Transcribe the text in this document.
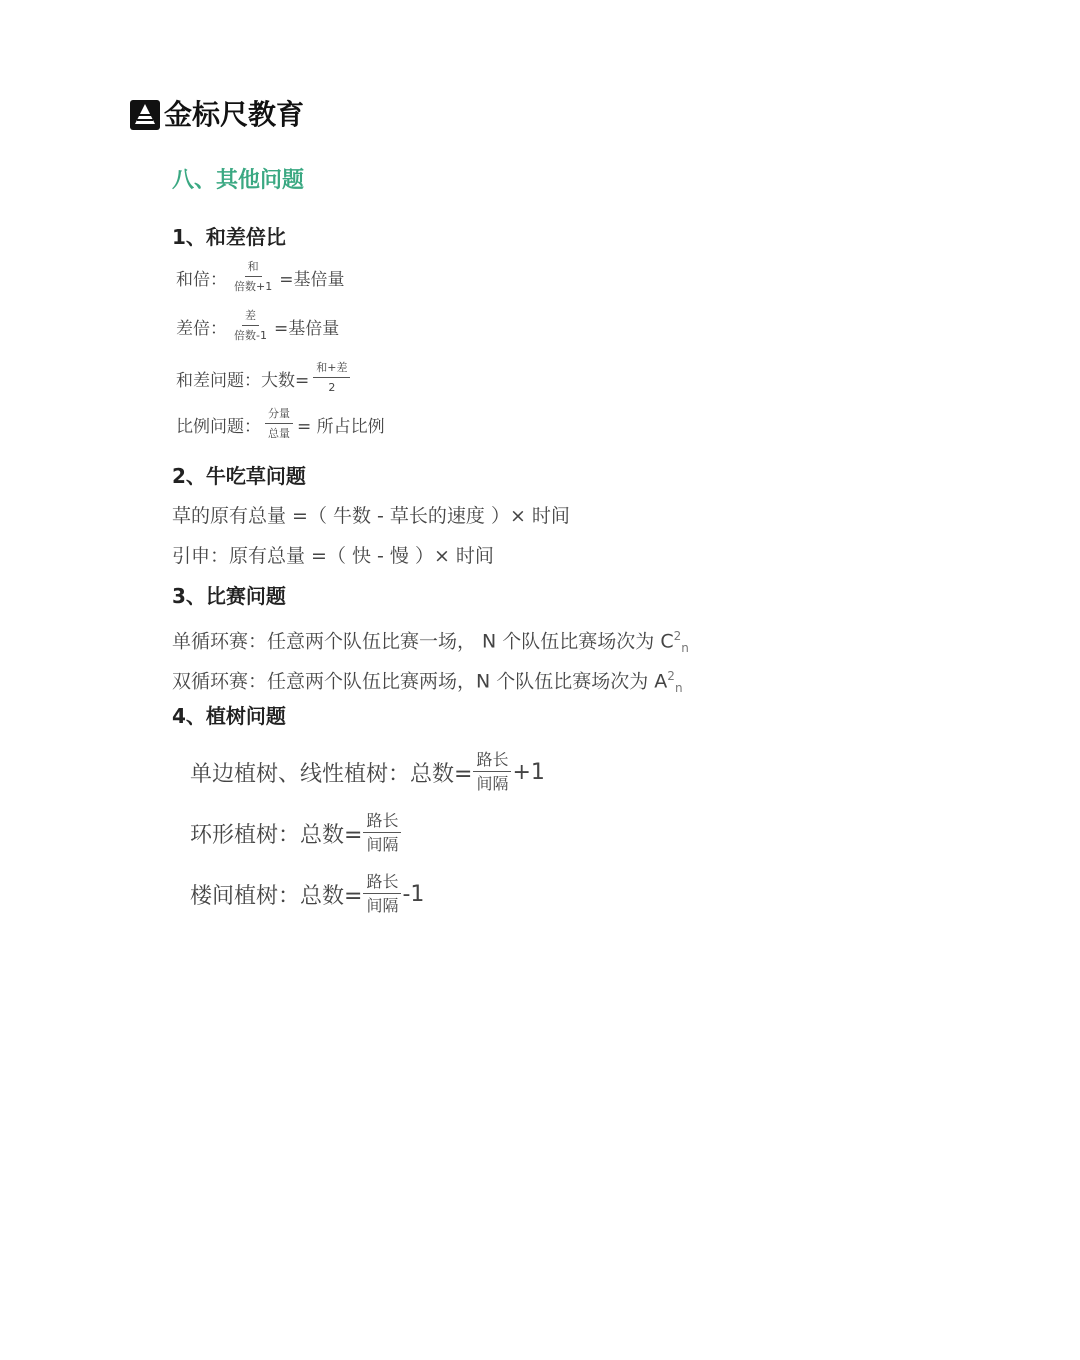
金标尺教育
八、其他问题
1、和差倍比
和倍： $\frac{\text{和}}{\text{倍数+1}}$ =基倍量
差倍： $\frac{\text{差}}{\text{倍数-1}}$ =基倍量
和差问题：大数= $\frac{\text{和+差}}{2}$
比例问题： $\frac{\text{分量}}{\text{总量}}$ = 所占比例
2、牛吃草问题
草的原有总量 =（ 牛数 - 草长的速度 ）× 时间
引申：原有总量 =（ 快 - 慢 ）× 时间
3、比赛问题
单循环赛：任意两个队伍比赛一场， N 个队伍比赛场次为 $C^2_n$
双循环赛：任意两个队伍比赛两场，N 个队伍比赛场次为 $A^2_n$
4、植树问题
单边植树、线性植树：总数= $\frac{\text{路长}}{\text{间隔}} +1$
环形植树：总数= $\frac{\text{路长}}{\text{间隔}}$
楼间植树：总数= $\frac{\text{路长}}{\text{间隔}} -1$
